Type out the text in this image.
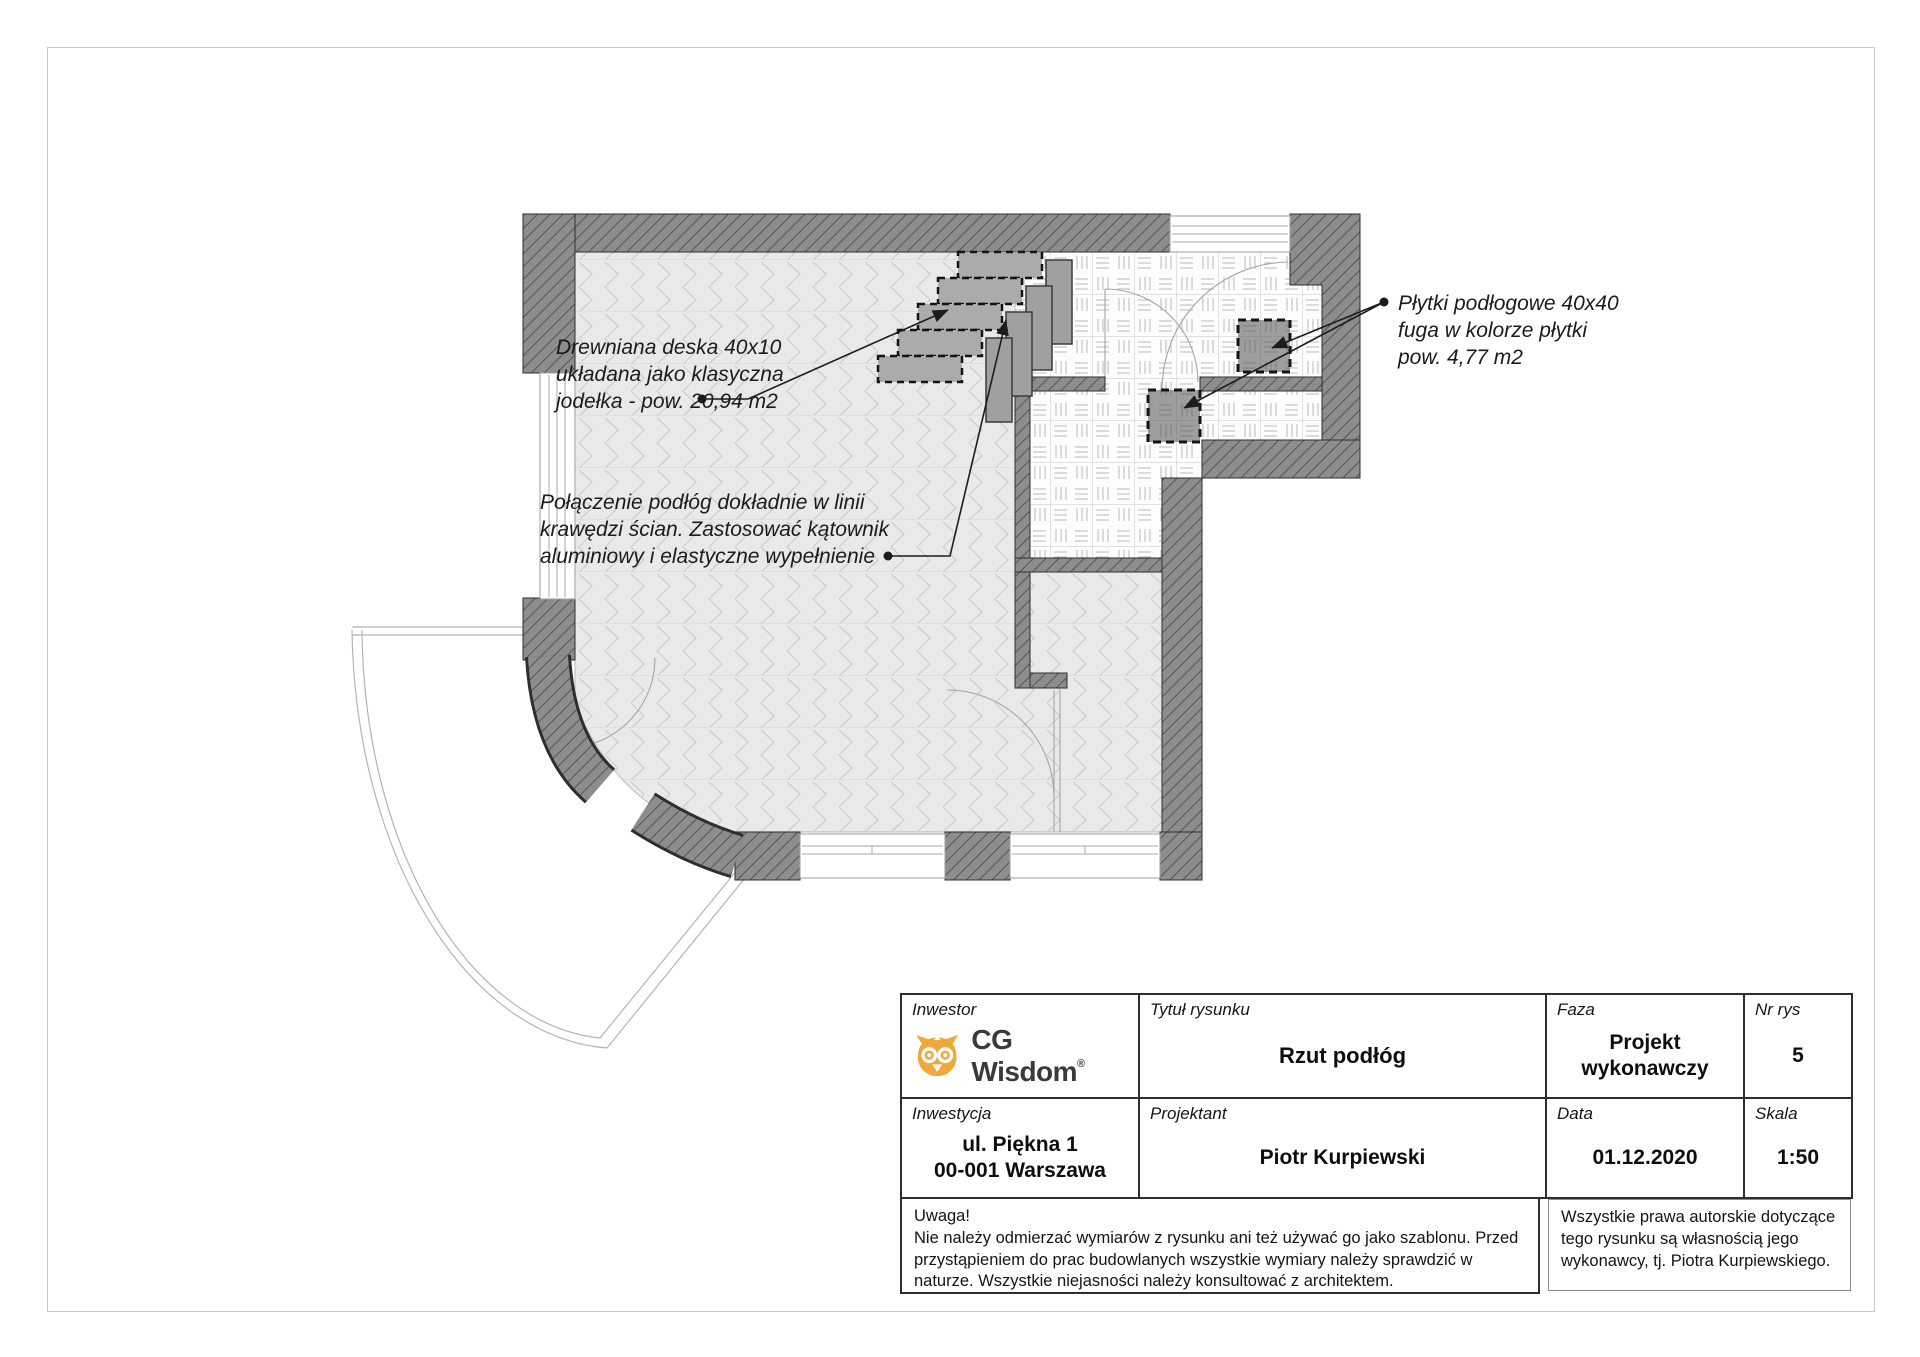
Drewniana deska 40x10
układana jako klasyczna
jodełka - pow. 20,94 m2
Połączenie podłóg dokładnie w linii
krawędzi ścian. Zastosować kątownik
aluminiowy i elastyczne wypełnienie
Płytki podłogowe 40x40
fuga w kolorze płytki
pow. 4,77 m2
Inwestor
CG Wisdom®
Tytuł rysunku
Rzut podłóg
Faza
Projekt wykonawczy
Nr rys
5
Inwestycja
ul. Piękna 1
00-001 Warszawa
Projektant
Piotr Kurpiewski
Data
01.12.2020
Skala
1:50
Uwaga!
Nie należy odmierzać wymiarów z rysunku ani też używać go jako szablonu. Przed przystąpieniem do prac budowlanych wszystkie wymiary należy sprawdzić w naturze. Wszystkie niejasności należy konsultować z architektem.
Wszystkie prawa autorskie dotyczące tego rysunku są własnością jego wykonawcy, tj. Piotra Kurpiewskiego.
